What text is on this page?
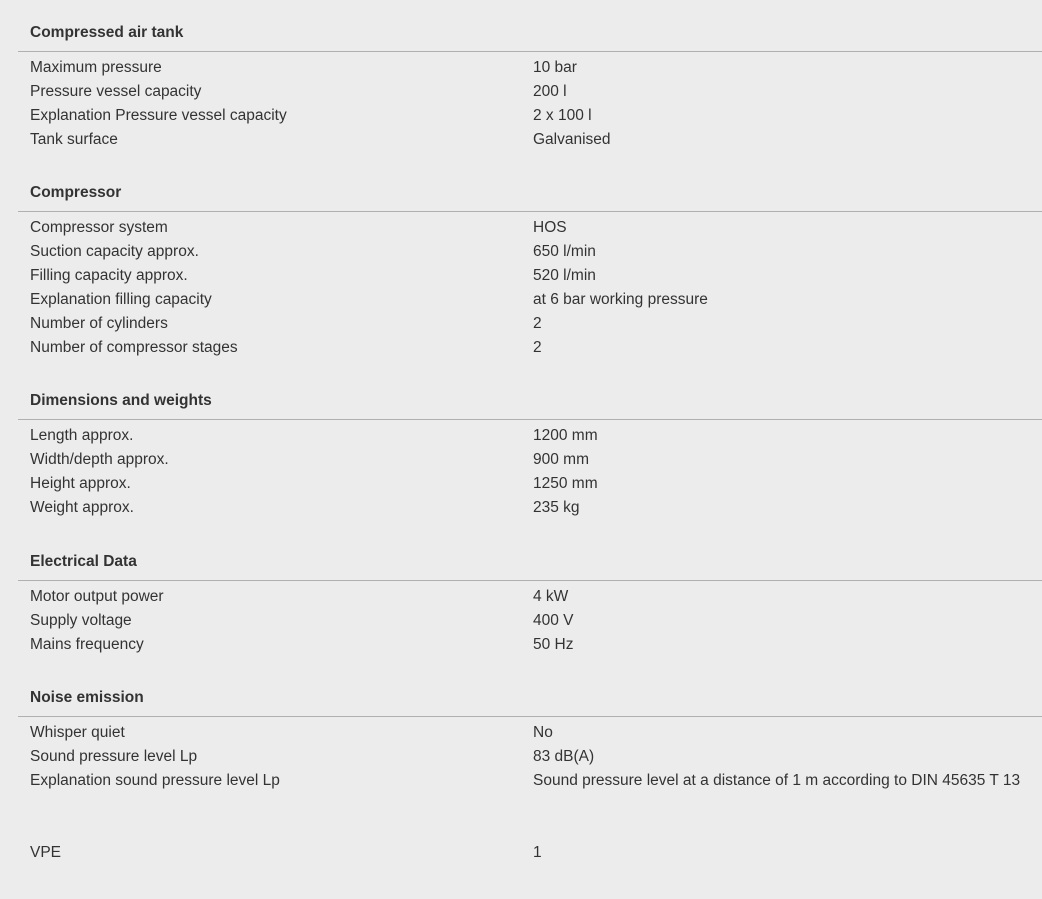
Compressed air tank
Maximum pressure	10 bar
Pressure vessel capacity	200 l
Explanation Pressure vessel capacity	2 x 100 l
Tank surface	Galvanised
Compressor
Compressor system	HOS
Suction capacity approx.	650 l/min
Filling capacity approx.	520 l/min
Explanation filling capacity	at 6 bar working pressure
Number of cylinders	2
Number of compressor stages	2
Dimensions and weights
Length approx.	1200 mm
Width/depth approx.	900 mm
Height approx.	1250 mm
Weight approx.	235 kg
Electrical Data
Motor output power	4 kW
Supply voltage	400 V
Mains frequency	50 Hz
Noise emission
Whisper quiet	No
Sound pressure level Lp	83 dB(A)
Explanation sound pressure level Lp	Sound pressure level at a distance of 1 m according to DIN 45635 T 13
VPE	1
